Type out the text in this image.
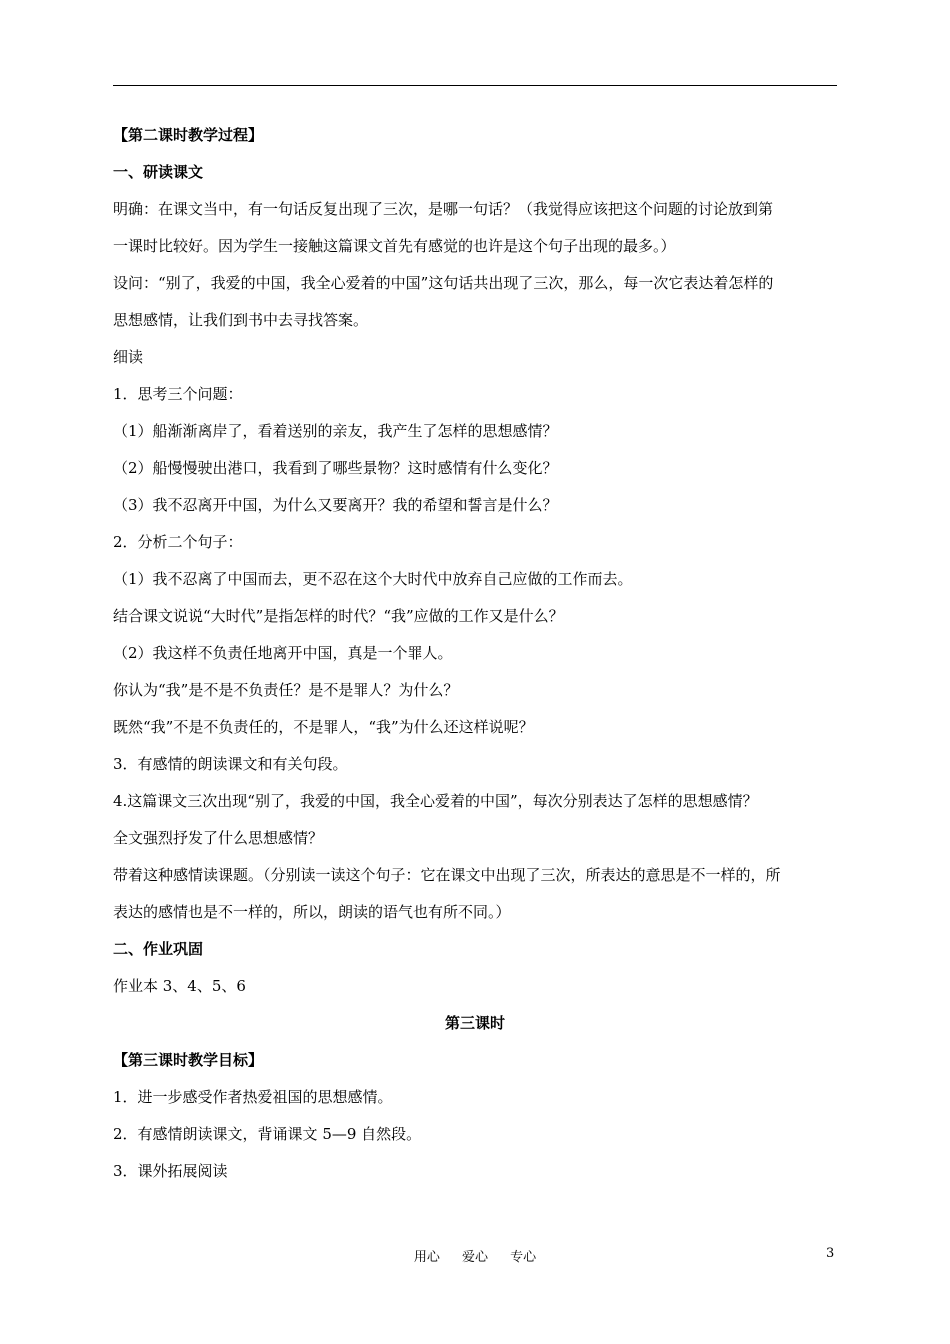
【第二课时教学过程】
一、研读课文
明确：在课文当中，有一句话反复出现了三次，是哪一句话？（我觉得应该把这个问题的讨论放到第
一课时比较好。因为学生一接触这篇课文首先有感觉的也许是这个句子出现的最多。）
设问：“别了，我爱的中国，我全心爱着的中国”这句话共出现了三次，那么，每一次它表达着怎样的
思想感情，让我们到书中去寻找答案。
细读
1．思考三个问题：
（1）船渐渐离岸了，看着送别的亲友，我产生了怎样的思想感情？
（2）船慢慢驶出港口，我看到了哪些景物？这时感情有什么变化？
（3）我不忍离开中国，为什么又要离开？我的希望和誓言是什么？
2．分析二个句子：
（1）我不忍离了中国而去，更不忍在这个大时代中放弃自己应做的工作而去。
结合课文说说“大时代”是指怎样的时代？“我”应做的工作又是什么？
（2）我这样不负责任地离开中国，真是一个罪人。
你认为“我”是不是不负责任？是不是罪人？为什么？
既然“我”不是不负责任的，不是罪人，“我”为什么还这样说呢？
3．有感情的朗读课文和有关句段。
4.这篇课文三次出现“别了，我爱的中国，我全心爱着的中国”，每次分别表达了怎样的思想感情？
全文强烈抒发了什么思想感情？
带着这种感情读课题。（分别读一读这个句子：它在课文中出现了三次，所表达的意思是不一样的，所
表达的感情也是不一样的，所以，朗读的语气也有所不同。）
二、作业巩固
作业本 3、4、5、6
第三课时
【第三课时教学目标】
1．进一步感受作者热爱祖国的思想感情。
2．有感情朗读课文，背诵课文 5—9 自然段。
3．课外拓展阅读
用心 爱心 专心	3
